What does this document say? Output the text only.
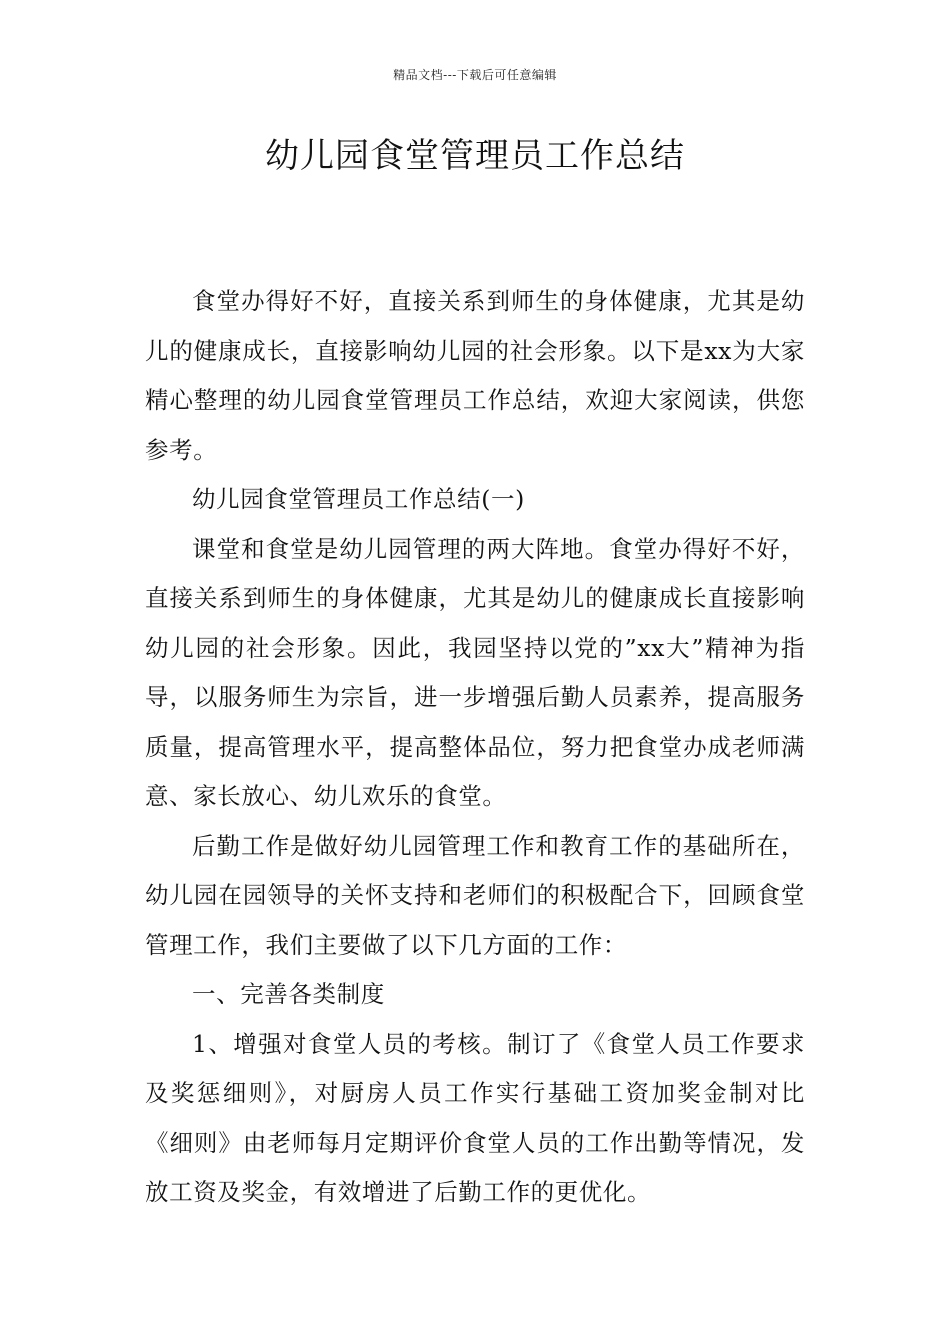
精品文档---下载后可任意编辑
幼儿园食堂管理员工作总结

食堂办得好不好，直接关系到师生的身体健康，尤其是幼儿的健康成长，直接影响幼儿园的社会形象。以下是xx为大家精心整理的幼儿园食堂管理员工作总结，欢迎大家阅读，供您参考。

幼儿园食堂管理员工作总结(一)

课堂和食堂是幼儿园管理的两大阵地。食堂办得好不好，直接关系到师生的身体健康，尤其是幼儿的健康成长直接影响幼儿园的社会形象。因此，我园坚持以党的”xx大”精神为指导，以服务师生为宗旨，进一步增强后勤人员素养，提高服务质量，提高管理水平，提高整体品位，努力把食堂办成老师满意、家长放心、幼儿欢乐的食堂。

后勤工作是做好幼儿园管理工作和教育工作的基础所在，幼儿园在园领导的关怀支持和老师们的积极配合下，回顾食堂管理工作，我们主要做了以下几方面的工作：

一、完善各类制度

1、增强对食堂人员的考核。制订了《食堂人员工作要求及奖惩细则》，对厨房人员工作实行基础工资加奖金制对比《细则》由老师每月定期评价食堂人员的工作出勤等情况，发放工资及奖金，有效增进了后勤工作的更优化。
